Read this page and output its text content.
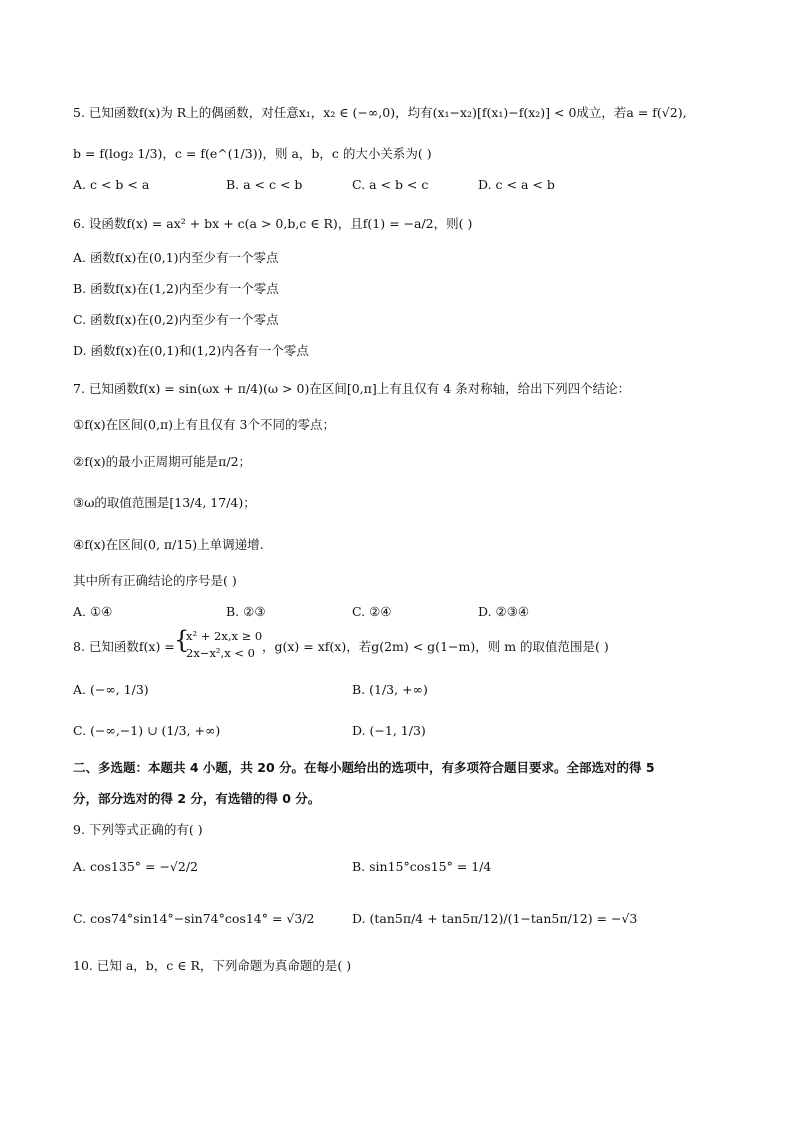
5. 已知函数f(x)为 R上的偶函数，对任意x₁，x₂ ∈ (−∞,0)，均有(x₁−x₂)[f(x₁)−f(x₂)] < 0成立，若a = f(√2),
b = f(log₂ 1/3)，c = f(e^(1/3))，则 a，b，c 的大小关系为( )
A. c < b < a	B. a < c < b	C. a < b < c	D. c < a < b
6. 设函数f(x) = ax² + bx + c(a > 0,b,c ∈ R)，且f(1) = −a/2，则( )
A. 函数f(x)在(0,1)内至少有一个零点
B. 函数f(x)在(1,2)内至少有一个零点
C. 函数f(x)在(0,2)内至少有一个零点
D. 函数f(x)在(0,1)和(1,2)内各有一个零点
7. 已知函数f(x) = sin(ωx + π/4)(ω > 0)在区间[0,π]上有且仅有 4 条对称轴，给出下列四个结论：
①f(x)在区间(0,π)上有且仅有 3个不同的零点；
②f(x)的最小正周期可能是π/2；
③ω的取值范围是[13/4, 17/4)；
④f(x)在区间(0, π/15)上单调递增.
其中所有正确结论的序号是( )
A. ①④	B. ②③	C. ②④	D. ②③④
8. 已知函数f(x) = {
x² + 2x,x ≥ 0
2x−x²,x < 0 ，g(x) = xf(x)，若g(2m) < g(1−m)，则 m 的取值范围是( )
A. (−∞, 1/3)	B. (1/3, +∞)
C. (−∞,−1) ∪ (1/3, +∞)	D. (−1, 1/3)
二、多选题：本题共 4 小题，共 20 分。在每小题给出的选项中，有多项符合题目要求。全部选对的得 5
分，部分选对的得 2 分，有选错的得 0 分。
9. 下列等式正确的有( )
A. cos135° = −√2/2	B. sin15°cos15° = 1/4
C. cos74°sin14°−sin74°cos14° = √3/2	D. (tan5π/4 + tan5π/12)/(1−tan5π/12) = −√3
10. 已知 a，b，c ∈ R，下列命题为真命题的是( )
